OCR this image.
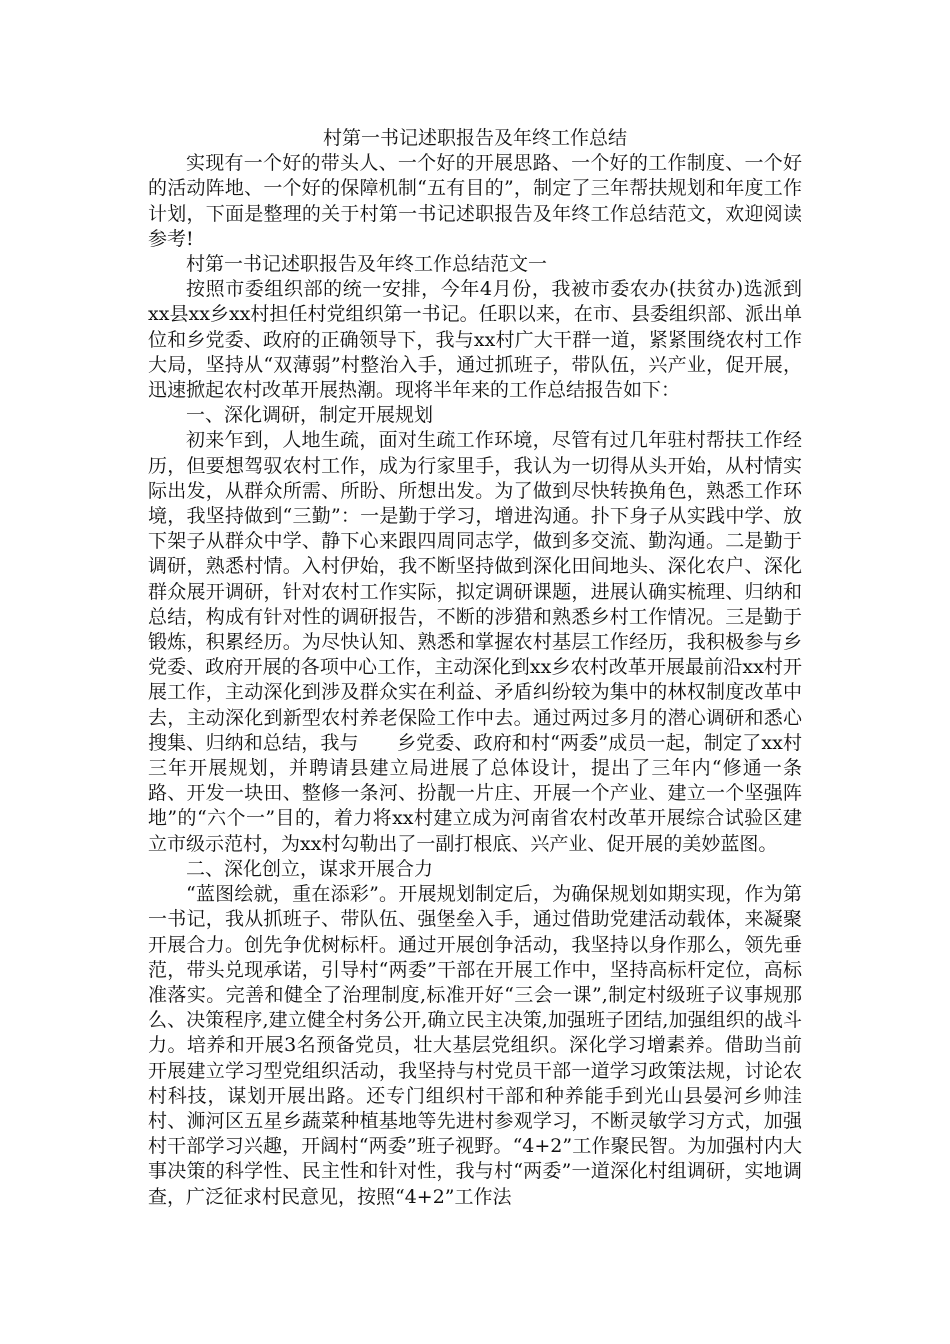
村第一书记述职报告及年终工作总结

实现有一个好的带头人、一个好的开展思路、一个好的工作制度、一个好的活动阵地、一个好的保障机制“五有目的”，制定了三年帮扶规划和年度工作计划，下面是整理的关于村第一书记述职报告及年终工作总结范文，欢迎阅读参考!

村第一书记述职报告及年终工作总结范文一

按照市委组织部的统一安排，今年4月份，我被市委农办(扶贫办)选派到xx县xx乡xx村担任村党组织第一书记。任职以来，在市、县委组织部、派出单位和乡党委、政府的正确领导下，我与xx村广大干群一道，紧紧围绕农村工作大局，坚持从“双薄弱”村整治入手，通过抓班子，带队伍，兴产业，促开展，迅速掀起农村改革开展热潮。现将半年来的工作总结报告如下：

一、深化调研，制定开展规划

初来乍到，人地生疏，面对生疏工作环境，尽管有过几年驻村帮扶工作经历，但要想驾驭农村工作，成为行家里手，我认为一切得从头开始，从村情实际出发，从群众所需、所盼、所想出发。为了做到尽快转换角色，熟悉工作环境，我坚持做到“三勤”：一是勤于学习，增进沟通。扑下身子从实践中学、放下架子从群众中学、静下心来跟四周同志学，做到多交流、勤沟通。二是勤于调研，熟悉村情。入村伊始，我不断坚持做到深化田间地头、深化农户、深化群众展开调研，针对农村工作实际，拟定调研课题，进展认确实梳理、归纳和总结，构成有针对性的调研报告，不断的涉猎和熟悉乡村工作情况。三是勤于锻炼，积累经历。为尽快认知、熟悉和掌握农村基层工作经历，我积极参与乡党委、政府开展的各项中心工作，主动深化到xx乡农村改革开展最前沿xx村开展工作，主动深化到涉及群众实在利益、矛盾纠纷较为集中的林权制度改革中去，主动深化到新型农村养老保险工作中去。通过两过多月的潜心调研和悉心搜集、归纳和总结，我与　　乡党委、政府和村“两委”成员一起，制定了xx村三年开展规划，并聘请县建立局进展了总体设计，提出了三年内“修通一条路、开发一块田、整修一条河、扮靓一片庄、开展一个产业、建立一个坚强阵地”的“六个一”目的，着力将xx村建立成为河南省农村改革开展综合试验区建立市级示范村，为xx村勾勒出了一副打根底、兴产业、促开展的美妙蓝图。

二、深化创立，谋求开展合力

“蓝图绘就，重在添彩”。开展规划制定后，为确保规划如期实现，作为第一书记，我从抓班子、带队伍、强堡垒入手，通过借助党建活动载体，来凝聚开展合力。创先争优树标杆。通过开展创争活动，我坚持以身作那么，领先垂范，带头兑现承诺，引导村“两委”干部在开展工作中，坚持高标杆定位，高标准落实。完善和健全了治理制度,标准开好“三会一课”,制定村级班子议事规那么、决策程序,建立健全村务公开,确立民主决策,加强班子团结,加强组织的战斗力。培养和开展3名预备党员，壮大基层党组织。深化学习增素养。借助当前开展建立学习型党组织活动，我坚持与村党员干部一道学习政策法规，讨论农村科技，谋划开展出路。还专门组织村干部和种养能手到光山县晏河乡帅洼村、浉河区五星乡蔬菜种植基地等先进村参观学习，不断灵敏学习方式，加强村干部学习兴趣，开阔村“两委”班子视野。“4+2”工作聚民智。为加强村内大事决策的科学性、民主性和针对性，我与村“两委”一道深化村组调研，实地调查，广泛征求村民意见，按照“4+2”工作法
